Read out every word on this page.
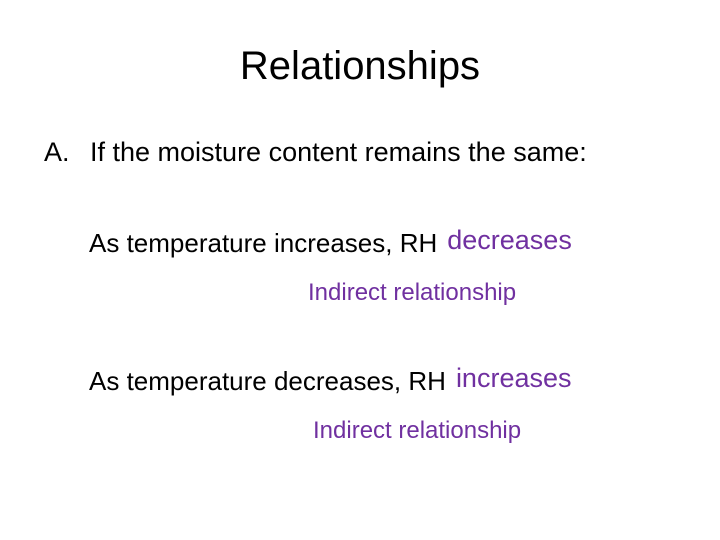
Relationships
A. If the moisture content remains the same:
As temperature increases, RH decreases
Indirect relationship
As temperature decreases, RH increases
Indirect relationship
